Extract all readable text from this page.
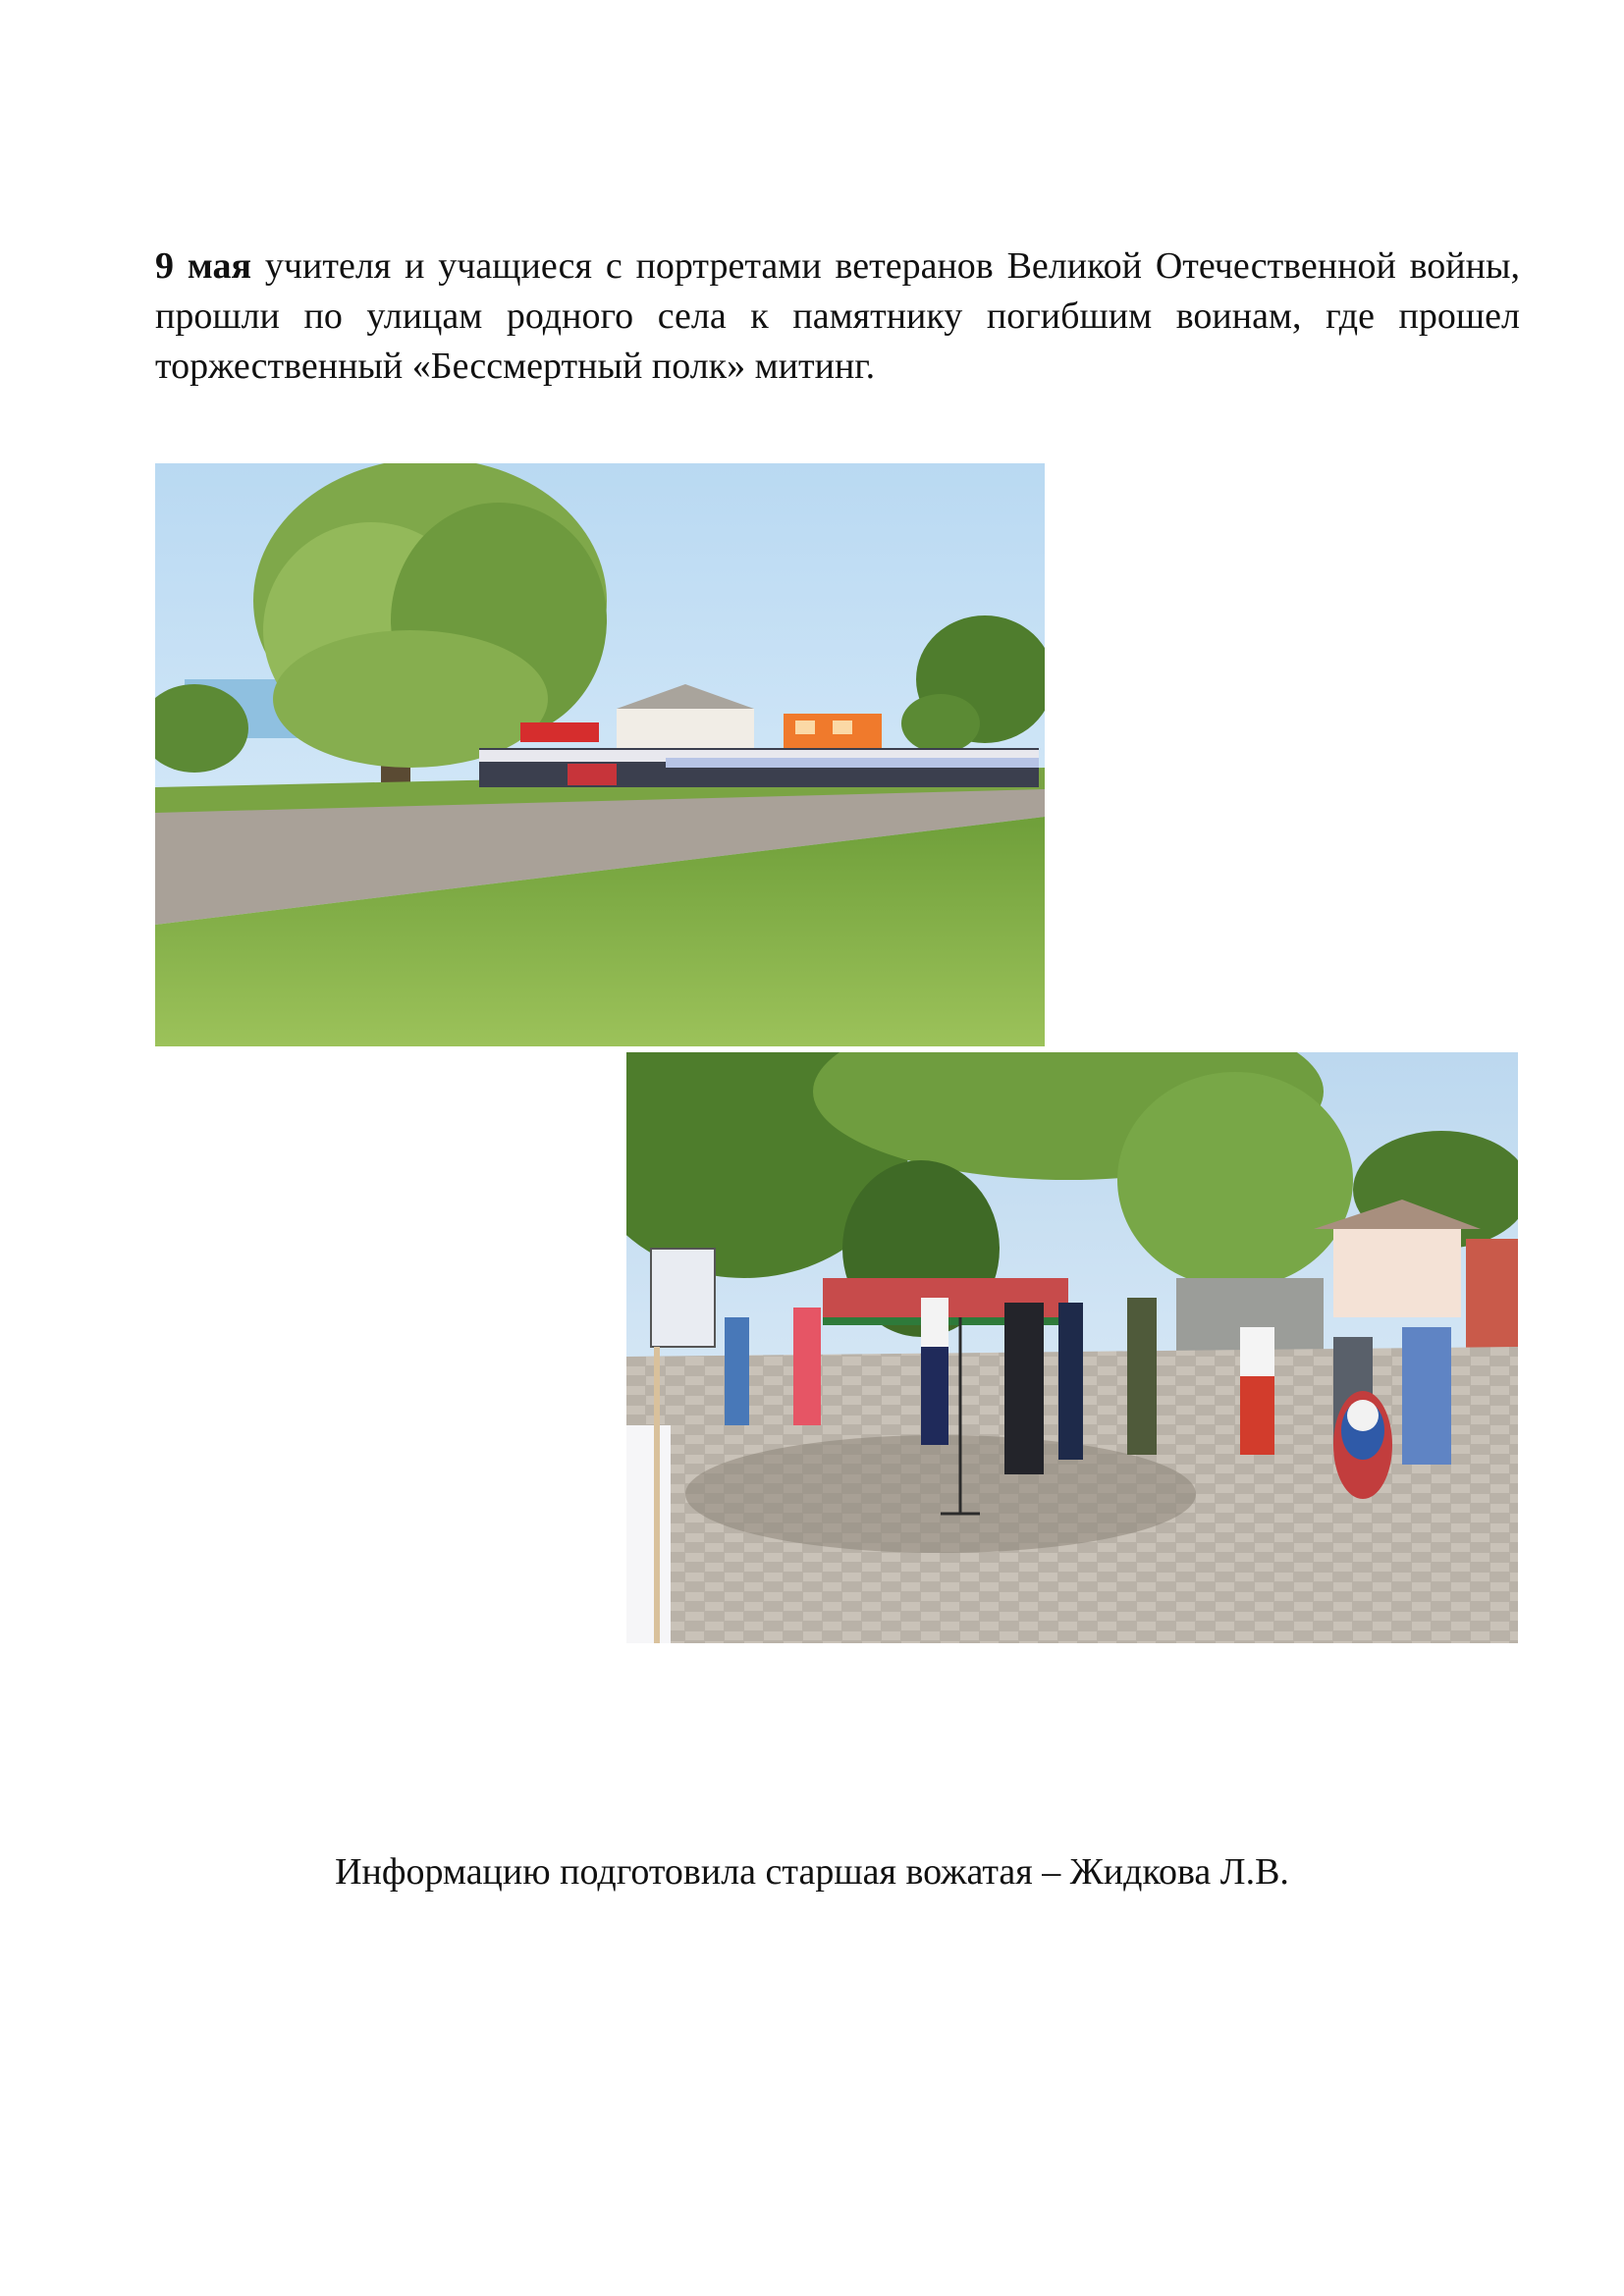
9 мая учителя и учащиеся с портретами ветеранов Великой Отечественной войны, прошли по улицам родного села к памятнику погибшим воинам, где прошел торжественный «Бессмертный полк» митинг.

Информацию подготовила старшая вожатая – Жидкова Л.В.
